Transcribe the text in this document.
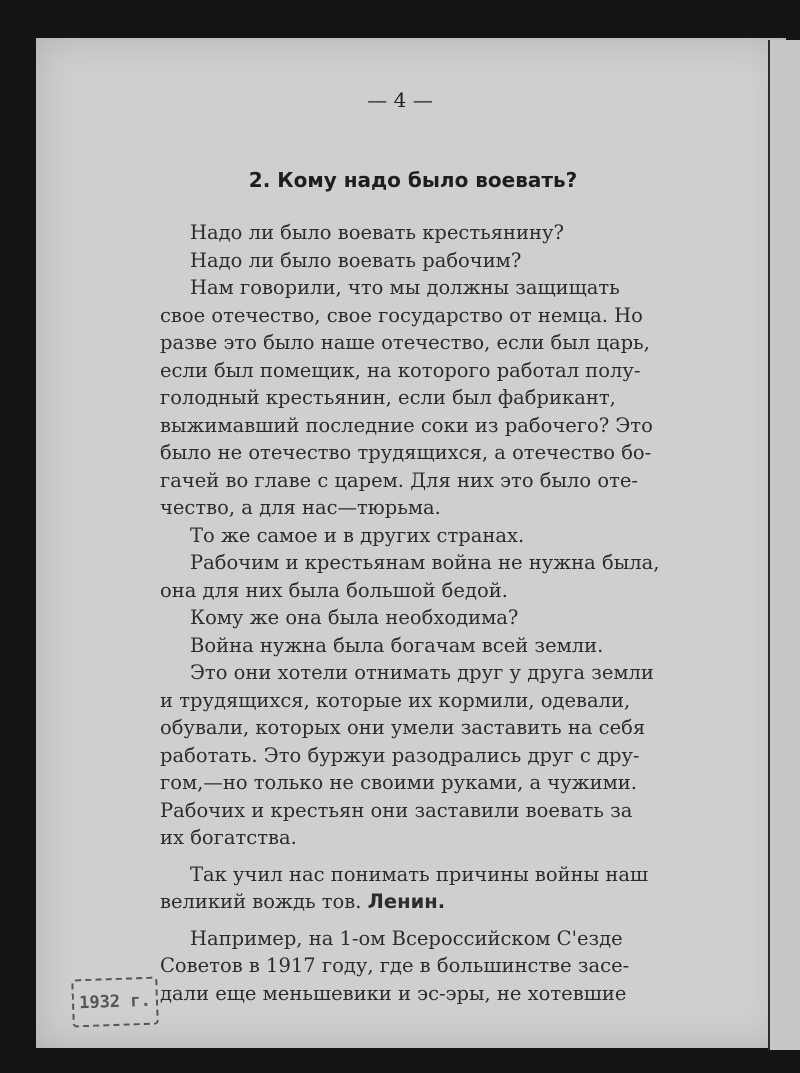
— 4 —
2. Кому надо было воевать?
Надо ли было воевать крестьянину?
Надо ли было воевать рабочим?
Нам говорили, что мы должны защищать
свое отечество, свое государство от немца. Но
разве это было наше отечество, если был царь,
если был помещик, на которого работал полу-
голодный крестьянин, если был фабрикант,
выжимавший последние соки из рабочего? Это
было не отечество трудящихся, а отечество бо-
гачей во главе с царем. Для них это было оте-
чество, а для нас—тюрьма.
То же самое и в других странах.
Рабочим и крестьянам война не нужна была,
она для них была большой бедой.
Кому же она была необходима?
Война нужна была богачам всей земли.
Это они хотели отнимать друг у друга земли
и трудящихся, которые их кормили, одевали,
обували, которых они умели заставить на себя
работать. Это буржуи разодрались друг с дру-
гом,—но только не своими руками, а чужими.
Рабочих и крестьян они заставили воевать за
их богатства.
Так учил нас понимать причины войны наш
великий вождь тов. Ленин.
Например, на 1-ом Всероссийском С'езде
Советов в 1917 году, где в большинстве засе-
дали еще меньшевики и эс-эры, не хотевшие
1932 г.
